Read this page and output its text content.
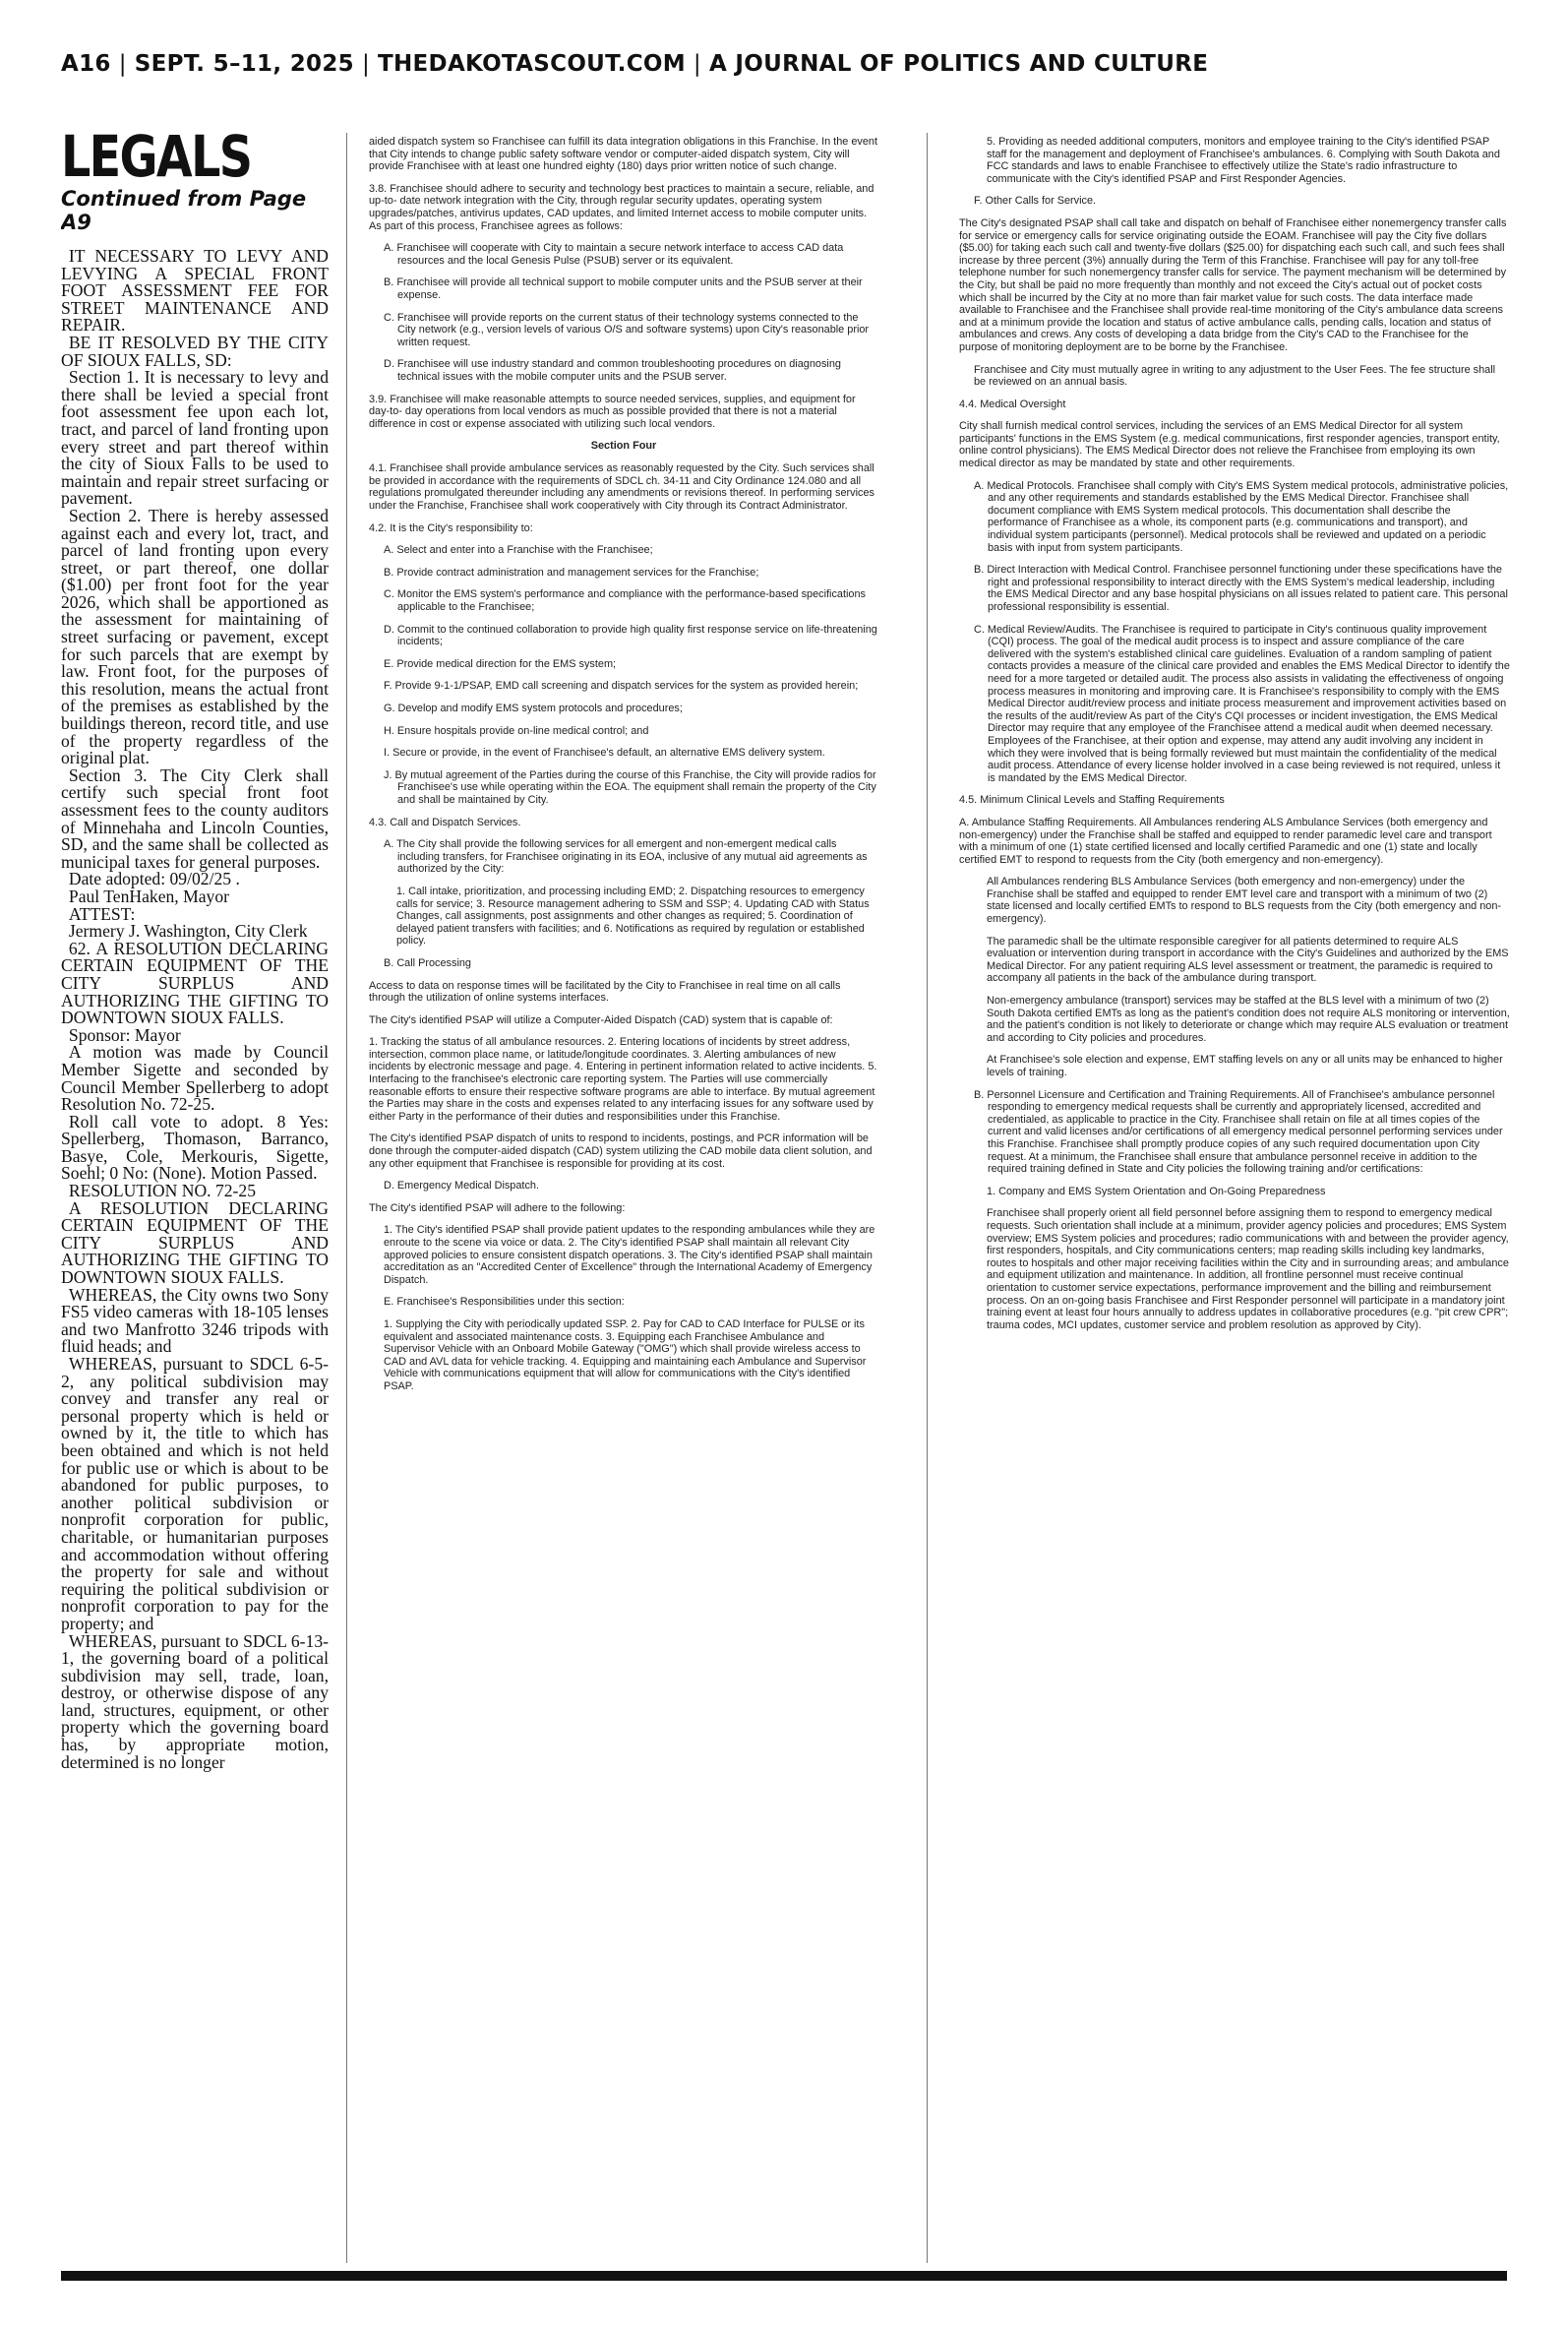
A16 | SEPT. 5–11, 2025 | THEDAKOTASCOUT.COM | A JOURNAL OF POLITICS AND CULTURE
LEGALS
Continued from Page A9

IT NECESSARY TO LEVY AND LEVYING A SPECIAL FRONT FOOT ASSESSMENT FEE FOR STREET MAINTENANCE AND REPAIR.

BE IT RESOLVED BY THE CITY OF SIOUX FALLS, SD:

Section 1. It is necessary to levy and there shall be levied a special front foot assessment fee upon each lot, tract, and parcel of land fronting upon every street and part thereof within the city of Sioux Falls to be used to maintain and repair street surfacing or pavement.

Section 2. There is hereby assessed against each and every lot, tract, and parcel of land fronting upon every street, or part thereof, one dollar ($1.00) per front foot for the year 2026, which shall be apportioned as the assessment for maintaining of street surfacing or pavement, except for such parcels that are exempt by law. Front foot, for the purposes of this resolution, means the actual front of the premises as established by the buildings thereon, record title, and use of the property regardless of the original plat.

Section 3. The City Clerk shall certify such special front foot assessment fees to the county auditors of Minnehaha and Lincoln Counties, SD, and the same shall be collected as municipal taxes for general purposes.

Date adopted: 09/02/25 .

Paul TenHaken, Mayor

ATTEST:

Jermery J. Washington, City Clerk

62. A RESOLUTION DECLARING CERTAIN EQUIPMENT OF THE CITY SURPLUS AND AUTHORIZING THE GIFTING TO DOWNTOWN SIOUX FALLS.

Sponsor: Mayor

A motion was made by Council Member Sigette and seconded by Council Member Spellerberg to adopt Resolution No. 72-25.

Roll call vote to adopt. 8 Yes: Spellerberg, Thomason, Barranco, Basye, Cole, Merkouris, Sigette, Soehl; 0 No: (None). Motion Passed.

RESOLUTION NO. 72-25

A RESOLUTION DECLARING CERTAIN EQUIPMENT OF THE CITY SURPLUS AND AUTHORIZING THE GIFTING TO DOWNTOWN SIOUX FALLS.

WHEREAS, the City owns two Sony FS5 video cameras with 18-105 lenses and two Manfrotto 3246 tripods with fluid heads; and

WHEREAS, pursuant to SDCL 6-5-2, any political subdivision may convey and transfer any real or personal property which is held or owned by it, the title to which has been obtained and which is not held for public use or which is about to be abandoned for public purposes, to another political subdivision or nonprofit corporation for public, charitable, or humanitarian purposes and accommodation without offering the property for sale and without requiring the political subdivision or nonprofit corporation to pay for the property; and

WHEREAS, pursuant to SDCL 6-13-1, the governing board of a political subdivision may sell, trade, loan, destroy, or otherwise dispose of any land, structures, equipment, or other property which the governing board has, by appropriate motion, determined is no longer

aided dispatch system so Franchisee can fulfill its data integration obligations in this Franchise. In the event that City intends to change public safety software vendor or computer-aided dispatch system, City will provide Franchisee with at least one hundred eighty (180) days prior written notice of such change.

3.8. Franchisee should adhere to security and technology best practices to maintain a secure, reliable, and up-to- date network integration with the City, through regular security updates, operating system upgrades/patches, antivirus updates, CAD updates, and limited Internet access to mobile computer units. As part of this process, Franchisee agrees as follows:

A. Franchisee will cooperate with City to maintain a secure network interface to access CAD data resources and the local Genesis Pulse (PSUB) server or its equivalent.

B. Franchisee will provide all technical support to mobile computer units and the PSUB server at their expense.

C. Franchisee will provide reports on the current status of their technology systems connected to the City network (e.g., version levels of various O/S and software systems) upon City's reasonable prior written request.

D. Franchisee will use industry standard and common troubleshooting procedures on diagnosing technical issues with the mobile computer units and the PSUB server.

3.9. Franchisee will make reasonable attempts to source needed services, supplies, and equipment for day-to- day operations from local vendors as much as possible provided that there is not a material difference in cost or expense associated with utilizing such local vendors.

Section Four

4.1. Franchisee shall provide ambulance services as reasonably requested by the City. Such services shall be provided in accordance with the requirements of SDCL ch. 34-11 and City Ordinance 124.080 and all regulations promulgated thereunder including any amendments or revisions thereof. In performing services under the Franchise, Franchisee shall work cooperatively with City through its Contract Administrator.

4.2. It is the City's responsibility to:

A. Select and enter into a Franchise with the Franchisee;

B. Provide contract administration and management services for the Franchise;

C. Monitor the EMS system's performance and compliance with the performance-based specifications applicable to the Franchisee;

D. Commit to the continued collaboration to provide high quality first response service on life-threatening incidents;

E. Provide medical direction for the EMS system;

F. Provide 9-1-1/PSAP, EMD call screening and dispatch services for the system as provided herein;

G. Develop and modify EMS system protocols and procedures;

H. Ensure hospitals provide on-line medical control; and

I. Secure or provide, in the event of Franchisee's default, an alternative EMS delivery system.

J. By mutual agreement of the Parties during the course of this Franchise, the City will provide radios for Franchisee's use while operating within the EOA. The equipment shall remain the property of the City and shall be maintained by City.

4.3. Call and Dispatch Services.

A. The City shall provide the following services for all emergent and non-emergent medical calls including transfers, for Franchisee originating in its EOA, inclusive of any mutual aid agreements as authorized by the City:

1. Call intake, prioritization, and processing including EMD; 2. Dispatching resources to emergency calls for service; 3. Resource management adhering to SSM and SSP; 4. Updating CAD with Status Changes, call assignments, post assignments and other changes as required; 5. Coordination of delayed patient transfers with facilities; and 6. Notifications as required by regulation or established policy.

B. Call Processing

Access to data on response times will be facilitated by the City to Franchisee in real time on all calls through the utilization of online systems interfaces.

The City's identified PSAP will utilize a Computer-Aided Dispatch (CAD) system that is capable of:

1. Tracking the status of all ambulance resources. 2. Entering locations of incidents by street address, intersection, common place name, or latitude/longitude coordinates. 3. Alerting ambulances of new incidents by electronic message and page. 4. Entering in pertinent information related to active incidents. 5. Interfacing to the franchisee's electronic care reporting system. The Parties will use commercially reasonable efforts to ensure their respective software programs are able to interface. By mutual agreement the Parties may share in the costs and expenses related to any interfacing issues for any software used by either Party in the performance of their duties and responsibilities under this Franchise.

The City's identified PSAP dispatch of units to respond to incidents, postings, and PCR information will be done through the computer-aided dispatch (CAD) system utilizing the CAD mobile data client solution, and any other equipment that Franchisee is responsible for providing at its cost.

D. Emergency Medical Dispatch.

The City's identified PSAP will adhere to the following:

1. The City's identified PSAP shall provide patient updates to the responding ambulances while they are enroute to the scene via voice or data. 2. The City's identified PSAP shall maintain all relevant City approved policies to ensure consistent dispatch operations. 3. The City's identified PSAP shall maintain accreditation as an "Accredited Center of Excellence" through the International Academy of Emergency Dispatch.

E. Franchisee's Responsibilities under this section:

1. Supplying the City with periodically updated SSP. 2. Pay for CAD to CAD Interface for PULSE or its equivalent and associated maintenance costs. 3. Equipping each Franchisee Ambulance and Supervisor Vehicle with an Onboard Mobile Gateway ("OMG") which shall provide wireless access to CAD and AVL data for vehicle tracking. 4. Equipping and maintaining each Ambulance and Supervisor Vehicle with communications equipment that will allow for communications with the City's identified PSAP.

5. Providing as needed additional computers, monitors and employee training to the City's identified PSAP staff for the management and deployment of Franchisee's ambulances. 6. Complying with South Dakota and FCC standards and laws to enable Franchisee to effectively utilize the State's radio infrastructure to communicate with the City's identified PSAP and First Responder Agencies.

F. Other Calls for Service.

The City's designated PSAP shall call take and dispatch on behalf of Franchisee either nonemergency transfer calls for service or emergency calls for service originating outside the EOAM. Franchisee will pay the City five dollars ($5.00) for taking each such call and twenty-five dollars ($25.00) for dispatching each such call, and such fees shall increase by three percent (3%) annually during the Term of this Franchise. Franchisee will pay for any toll-free telephone number for such nonemergency transfer calls for service. The payment mechanism will be determined by the City, but shall be paid no more frequently than monthly and not exceed the City's actual out of pocket costs which shall be incurred by the City at no more than fair market value for such costs. The data interface made available to Franchisee and the Franchisee shall provide real-time monitoring of the City's ambulance data screens and at a minimum provide the location and status of active ambulance calls, pending calls, location and status of ambulances and crews. Any costs of developing a data bridge from the City's CAD to the Franchisee for the purpose of monitoring deployment are to be borne by the Franchisee.

Franchisee and City must mutually agree in writing to any adjustment to the User Fees. The fee structure shall be reviewed on an annual basis.

4.4. Medical Oversight

City shall furnish medical control services, including the services of an EMS Medical Director for all system participants' functions in the EMS System (e.g. medical communications, first responder agencies, transport entity, online control physicians). The EMS Medical Director does not relieve the Franchisee from employing its own medical director as may be mandated by state and other requirements.

A. Medical Protocols. Franchisee shall comply with City's EMS System medical protocols, administrative policies, and any other requirements and standards established by the EMS Medical Director. Franchisee shall document compliance with EMS System medical protocols. This documentation shall describe the performance of Franchisee as a whole, its component parts (e.g. communications and transport), and individual system participants (personnel). Medical protocols shall be reviewed and updated on a periodic basis with input from system participants.

B. Direct Interaction with Medical Control. Franchisee personnel functioning under these specifications have the right and professional responsibility to interact directly with the EMS System's medical leadership, including the EMS Medical Director and any base hospital physicians on all issues related to patient care. This personal professional responsibility is essential.

C. Medical Review/Audits. The Franchisee is required to participate in City's continuous quality improvement (CQI) process. The goal of the medical audit process is to inspect and assure compliance of the care delivered with the system's established clinical care guidelines. Evaluation of a random sampling of patient contacts provides a measure of the clinical care provided and enables the EMS Medical Director to identify the need for a more targeted or detailed audit. The process also assists in validating the effectiveness of ongoing process measures in monitoring and improving care. It is Franchisee's responsibility to comply with the EMS Medical Director audit/review process and initiate process measurement and improvement activities based on the results of the audit/review As part of the City's CQI processes or incident investigation, the EMS Medical Director may require that any employee of the Franchisee attend a medical audit when deemed necessary. Employees of the Franchisee, at their option and expense, may attend any audit involving any incident in which they were involved that is being formally reviewed but must maintain the confidentiality of the medical audit process. Attendance of every license holder involved in a case being reviewed is not required, unless it is mandated by the EMS Medical Director.

4.5. Minimum Clinical Levels and Staffing Requirements

A. Ambulance Staffing Requirements. All Ambulances rendering ALS Ambulance Services (both emergency and non-emergency) under the Franchise shall be staffed and equipped to render paramedic level care and transport with a minimum of one (1) state certified licensed and locally certified Paramedic and one (1) state and locally certified EMT to respond to requests from the City (both emergency and non-emergency).

All Ambulances rendering BLS Ambulance Services (both emergency and non-emergency) under the Franchise shall be staffed and equipped to render EMT level care and transport with a minimum of two (2) state licensed and locally certified EMTs to respond to BLS requests from the City (both emergency and non-emergency).

The paramedic shall be the ultimate responsible caregiver for all patients determined to require ALS evaluation or intervention during transport in accordance with the City's Guidelines and authorized by the EMS Medical Director. For any patient requiring ALS level assessment or treatment, the paramedic is required to accompany all patients in the back of the ambulance during transport.

Non-emergency ambulance (transport) services may be staffed at the BLS level with a minimum of two (2) South Dakota certified EMTs as long as the patient's condition does not require ALS monitoring or intervention, and the patient's condition is not likely to deteriorate or change which may require ALS evaluation or treatment and according to City policies and procedures.

At Franchisee's sole election and expense, EMT staffing levels on any or all units may be enhanced to higher levels of training.

B. Personnel Licensure and Certification and Training Requirements. All of Franchisee's ambulance personnel responding to emergency medical requests shall be currently and appropriately licensed, accredited and credentialed, as applicable to practice in the City. Franchisee shall retain on file at all times copies of the current and valid licenses and/or certifications of all emergency medical personnel performing services under this Franchise. Franchisee shall promptly produce copies of any such required documentation upon City request. At a minimum, the Franchisee shall ensure that ambulance personnel receive in addition to the required training defined in State and City policies the following training and/or certifications:

1. Company and EMS System Orientation and On-Going Preparedness

Franchisee shall properly orient all field personnel before assigning them to respond to emergency medical requests. Such orientation shall include at a minimum, provider agency policies and procedures; EMS System overview; EMS System policies and procedures; radio communications with and between the provider agency, first responders, hospitals, and City communications centers; map reading skills including key landmarks, routes to hospitals and other major receiving facilities within the City and in surrounding areas; and ambulance and equipment utilization and maintenance. In addition, all frontline personnel must receive continual orientation to customer service expectations, performance improvement and the billing and reimbursement process. On an on-going basis Franchisee and First Responder personnel will participate in a mandatory joint training event at least four hours annually to address updates in collaborative procedures (e.g. "pit crew CPR"; trauma codes, MCI updates, customer service and problem resolution as approved by City).
